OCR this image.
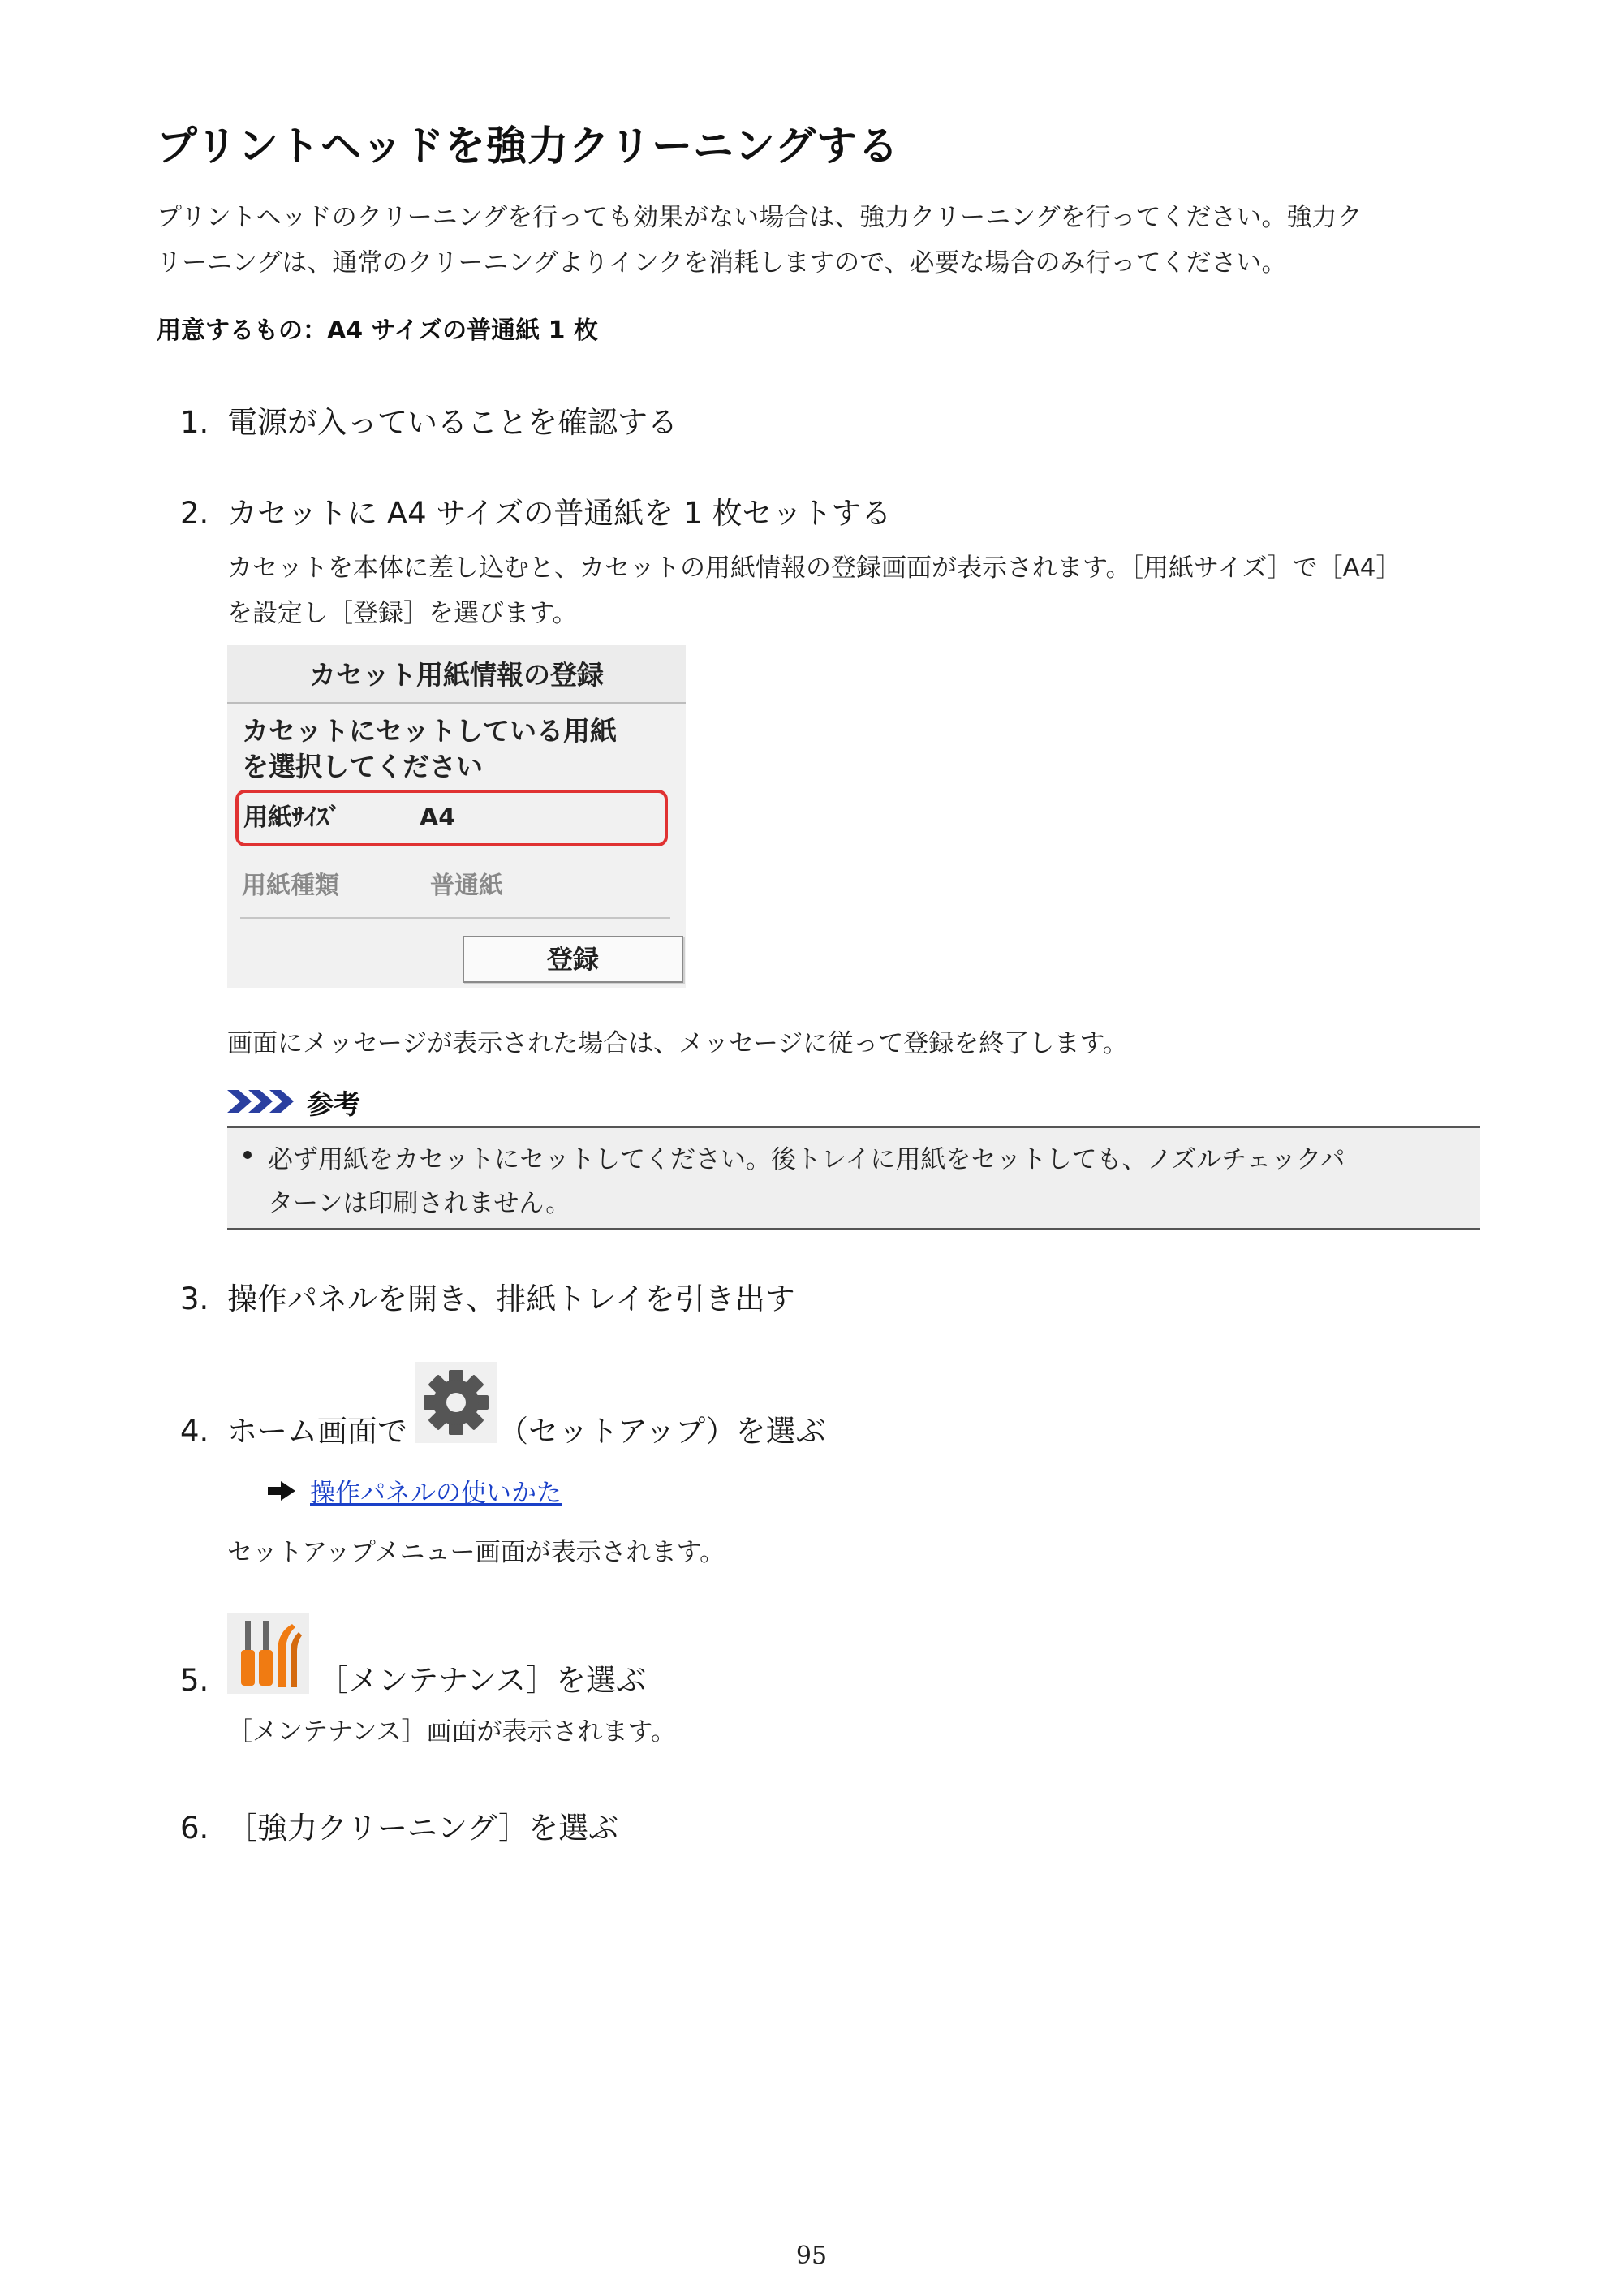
プリントヘッドを強力クリーニングする
プリントヘッドのクリーニングを行っても効果がない場合は、強力クリーニングを行ってください。強力ク
リーニングは、通常のクリーニングよりインクを消耗しますので、必要な場合のみ行ってください。
用意するもの：A4 サイズの普通紙 1 枚
1. 電源が入っていることを確認する
2. カセットに A4 サイズの普通紙を 1 枚セットする
カセットを本体に差し込むと、カセットの用紙情報の登録画面が表示されます。［用紙サイズ］で［A4］
を設定し［登録］を選びます。
カセット用紙情報の登録
カセットにセットしている用紙
を選択してください
用紙ｻｲｽﾞ	A4
用紙種類	普通紙
登録
画面にメッセージが表示された場合は、メッセージに従って登録を終了します。
参考
必ず用紙をカセットにセットしてください。後トレイに用紙をセットしても、ノズルチェックパ
ターンは印刷されません。
3. 操作パネルを開き、排紙トレイを引き出す
4. ホーム画面で	（セットアップ）を選ぶ
操作パネルの使いかた
セットアップメニュー画面が表示されます。
5.	［メンテナンス］を選ぶ
［メンテナンス］画面が表示されます。
6. ［強力クリーニング］を選ぶ
95
